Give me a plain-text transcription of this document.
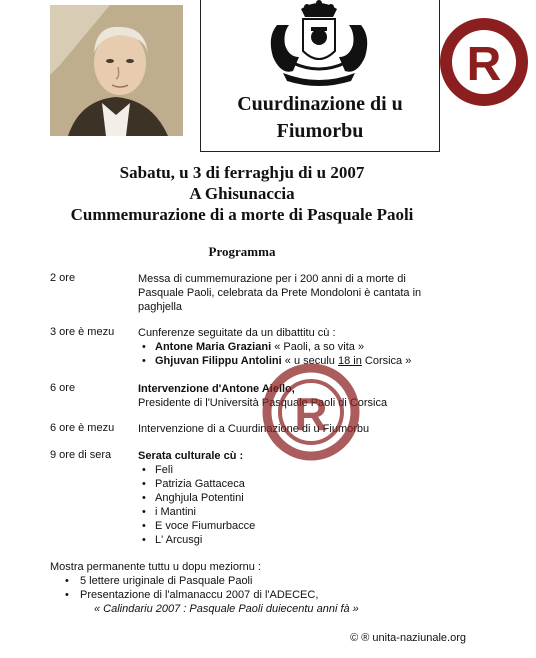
Cuurdinazione di u
Fiumorbu
R
Sabatu, u 3 di ferraghju di u 2007
A Ghisunaccia
Cummemurazione di a morte di Pasquale Paoli
Programma
2 ore	Messa di cummemurazione per i 200 anni di a morte di Pasquale Paoli, celebrata da Prete Mondoloni è cantata in paghjella
3 ore è mezu Cunferenze seguitate da un dibattitu cù :
• Antone Maria Graziani « Paoli, a so vita »
• Ghjuvan Filippu Antolini « u seculu 18 in Corsica »
6 ore	Intervenzione d'Antone Aiello,
Presidente di l'Università Pasquale Paoli di Corsica
6 ore è mezu Intervenzione di a Cuurdinazione di u Fiumorbu
9 ore di sera Serata culturale cù :
• Felì
• Patrizia Gattaceca
• Anghjula Potentini
• i Mantini
• E voce Fiumurbacce
• L' Arcusgi
R
Mostra permanente tuttu u dopu meziornu :
• 5 lettere uriginale di Pasquale Paoli
• Presentazione di l'almanaccu 2007 di l'ADECEC,
« Calindariu 2007 : Pasquale Paoli duiecentu anni fà »
© ® unita-naziunale.org
